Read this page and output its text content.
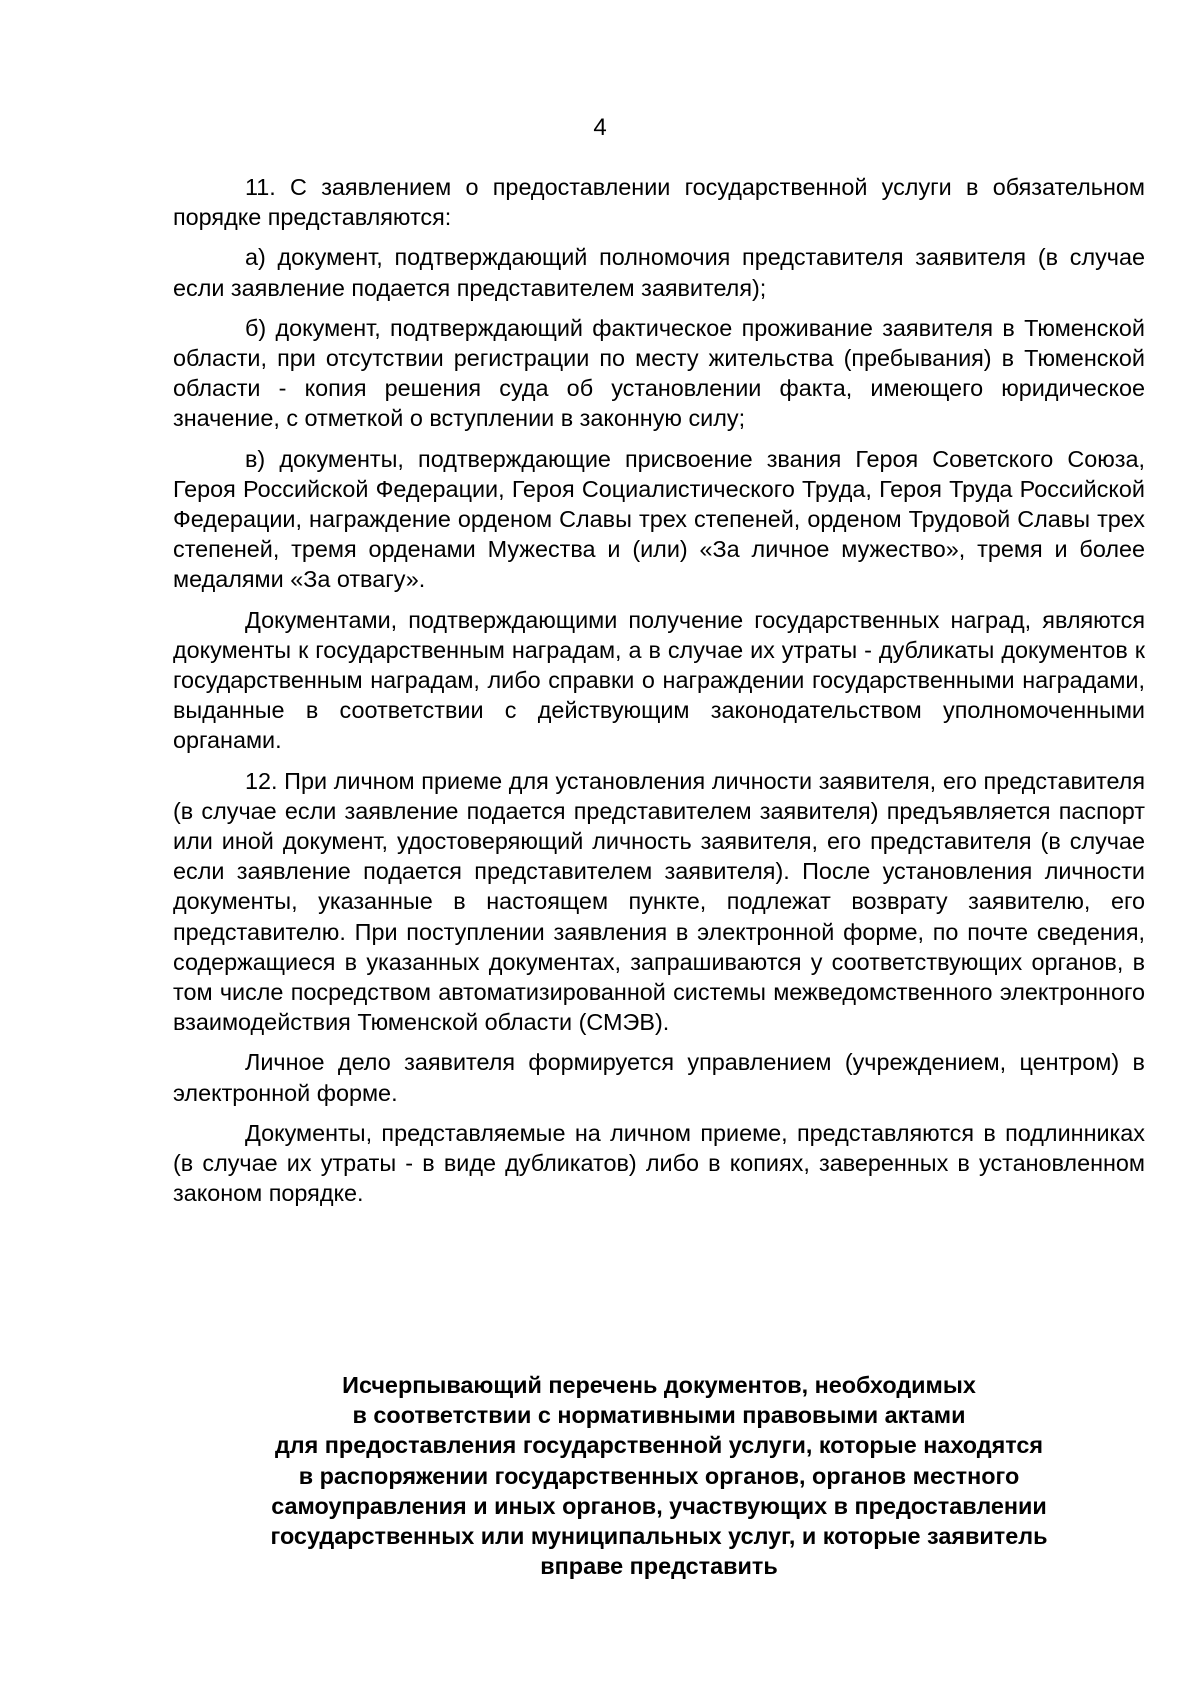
4

11. С заявлением о предоставлении государственной услуги в обязательном порядке представляются:

а) документ, подтверждающий полномочия представителя заявителя (в случае если заявление подается представителем заявителя);

б) документ, подтверждающий фактическое проживание заявителя в Тюменской области, при отсутствии регистрации по месту жительства (пребывания) в Тюменской области - копия решения суда об установлении факта, имеющего юридическое значение, с отметкой о вступлении в законную силу;

в) документы, подтверждающие присвоение звания Героя Советского Союза, Героя Российской Федерации, Героя Социалистического Труда, Героя Труда Российской Федерации, награждение орденом Славы трех степеней, орденом Трудовой Славы трех степеней, тремя орденами Мужества и (или) «За личное мужество», тремя и более медалями «За отвагу».

Документами, подтверждающими получение государственных наград, являются документы к государственным наградам, а в случае их утраты - дубликаты документов к государственным наградам, либо справки о награждении государственными наградами, выданные в соответствии с действующим законодательством уполномоченными органами.

12. При личном приеме для установления личности заявителя, его представителя (в случае если заявление подается представителем заявителя) предъявляется паспорт или иной документ, удостоверяющий личность заявителя, его представителя (в случае если заявление подается представителем заявителя). После установления личности документы, указанные в настоящем пункте, подлежат возврату заявителю, его представителю. При поступлении заявления в электронной форме, по почте сведения, содержащиеся в указанных документах, запрашиваются у соответствующих органов, в том числе посредством автоматизированной системы межведомственного электронного взаимодействия Тюменской области (СМЭВ).

Личное дело заявителя формируется управлением (учреждением, центром) в электронной форме.

Документы, представляемые на личном приеме, представляются в подлинниках (в случае их утраты - в виде дубликатов) либо в копиях, заверенных в установленном законом порядке.

Исчерпывающий перечень документов, необходимых
в соответствии с нормативными правовыми актами
для предоставления государственной услуги, которые находятся
в распоряжении государственных органов, органов местного
самоуправления и иных органов, участвующих в предоставлении
государственных или муниципальных услуг, и которые заявитель
вправе представить
